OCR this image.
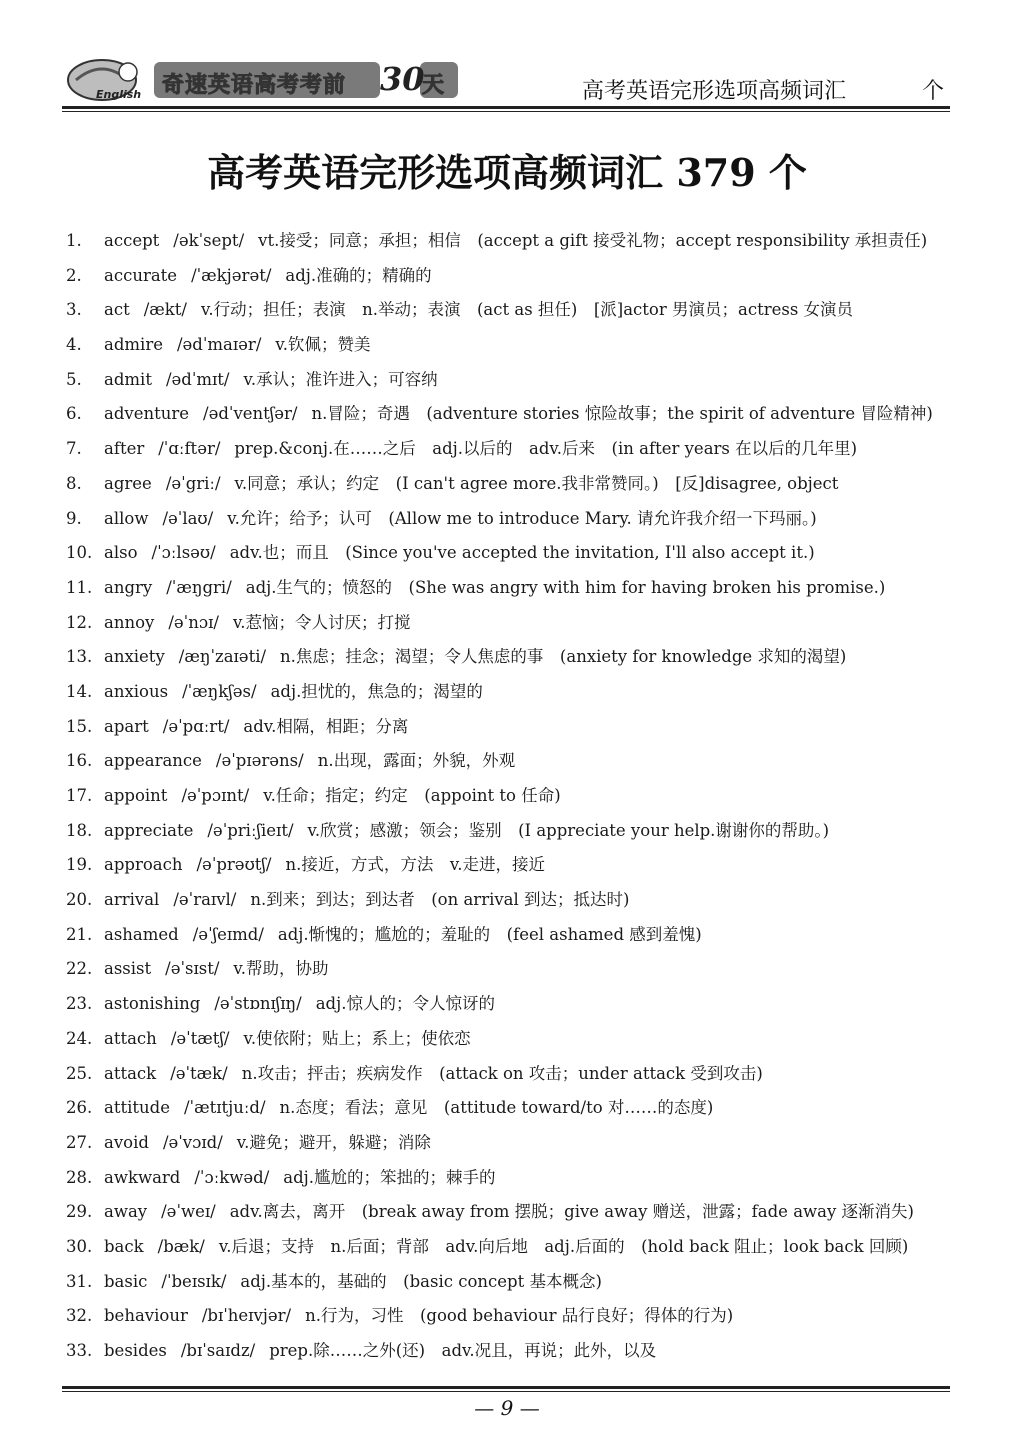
奇速英语高考考前 30
天
English	高考英语完形选项高频词汇	个
高考英语完形选项高频词汇 379 个
1. accept /əkˈsept/ vt.接受；同意；承担；相信　(accept a gift 接受礼物；accept responsibility 承担责任)
2. accurate /ˈækjərət/ adj.准确的；精确的
3. act /ækt/ v.行动；担任；表演　n.举动；表演　(act as 担任)　[派]actor 男演员；actress 女演员
4. admire /ədˈmaɪər/ v.钦佩；赞美
5. admit /ədˈmɪt/ v.承认；准许进入；可容纳
6. adventure /ədˈventʃər/ n.冒险；奇遇　(adventure stories 惊险故事；the spirit of adventure 冒险精神)
7. after /ˈɑːftər/ prep.&conj.在……之后　adj.以后的　adv.后来　(in after years 在以后的几年里)
8. agree /əˈgriː/ v.同意；承认；约定　(I can't agree more.我非常赞同。)　[反]disagree, object
9. allow /əˈlaʊ/ v.允许；给予；认可　(Allow me to introduce Mary. 请允许我介绍一下玛丽。)
10. also /ˈɔːlsəʊ/ adv.也；而且　(Since you've accepted the invitation, I'll also accept it.)
11. angry /ˈæŋgri/ adj.生气的；愤怒的　(She was angry with him for having broken his promise.)
12. annoy /əˈnɔɪ/ v.惹恼；令人讨厌；打搅
13. anxiety /æŋˈzaɪəti/ n.焦虑；挂念；渴望；令人焦虑的事　(anxiety for knowledge 求知的渴望)
14. anxious /ˈæŋkʃəs/ adj.担忧的，焦急的；渴望的
15. apart /əˈpɑːrt/ adv.相隔，相距；分离
16. appearance /əˈpɪərəns/ n.出现，露面；外貌，外观
17. appoint /əˈpɔɪnt/ v.任命；指定；约定　(appoint to 任命)
18. appreciate /əˈpriːʃieɪt/ v.欣赏；感激；领会；鉴别　(I appreciate your help.谢谢你的帮助。)
19. approach /əˈprəʊtʃ/ n.接近，方式，方法　v.走进，接近
20. arrival /əˈraɪvl/ n.到来；到达；到达者　(on arrival 到达；抵达时)
21. ashamed /əˈʃeɪmd/ adj.惭愧的；尴尬的；羞耻的　(feel ashamed 感到羞愧)
22. assist /əˈsɪst/ v.帮助，协助
23. astonishing /əˈstɒnɪʃɪŋ/ adj.惊人的；令人惊讶的
24. attach /əˈtætʃ/ v.使依附；贴上；系上；使依恋
25. attack /əˈtæk/ n.攻击；抨击；疾病发作　(attack on 攻击；under attack 受到攻击)
26. attitude /ˈætɪtjuːd/ n.态度；看法；意见　(attitude toward/to 对……的态度)
27. avoid /əˈvɔɪd/ v.避免；避开，躲避；消除
28. awkward /ˈɔːkwəd/ adj.尴尬的；笨拙的；棘手的
29. away /əˈweɪ/ adv.离去，离开　(break away from 摆脱；give away 赠送，泄露；fade away 逐渐消失)
30. back /bæk/ v.后退；支持　n.后面；背部　adv.向后地　adj.后面的　(hold back 阻止；look back 回顾)
31. basic /ˈbeɪsɪk/ adj.基本的，基础的　(basic concept 基本概念)
32. behaviour /bɪˈheɪvjər/ n.行为，习性　(good behaviour 品行良好；得体的行为)
33. besides /bɪˈsaɪdz/ prep.除……之外(还)　adv.况且，再说；此外，以及
— 9 —
